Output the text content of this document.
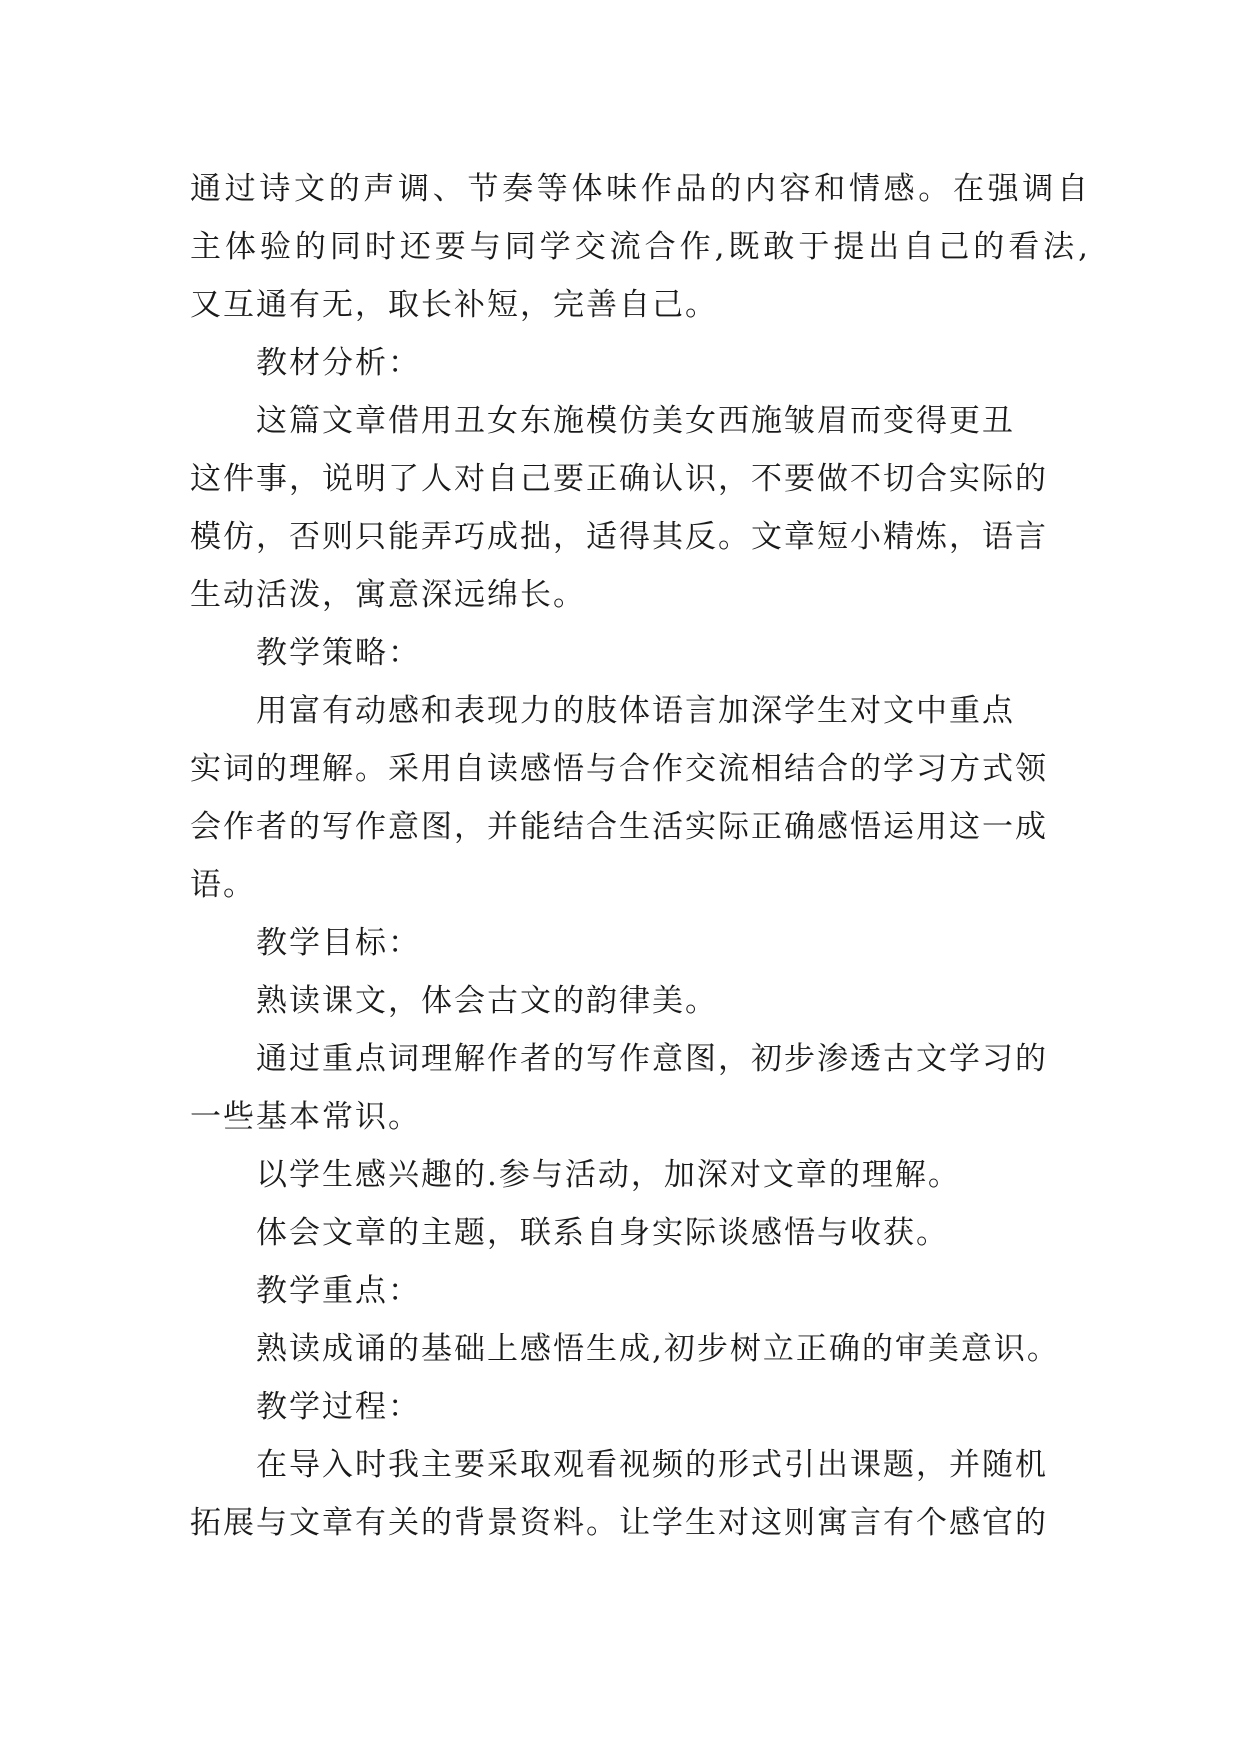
通过诗文的声调、节奏等体味作品的内容和情感。在强调自
主体验的同时还要与同学交流合作,既敢于提出自己的看法,
又互通有无，取长补短，完善自己。
教材分析：
这篇文章借用丑女东施模仿美女西施皱眉而变得更丑
这件事，说明了人对自己要正确认识，不要做不切合实际的
模仿，否则只能弄巧成拙，适得其反。文章短小精炼，语言
生动活泼，寓意深远绵长。
教学策略：
用富有动感和表现力的肢体语言加深学生对文中重点
实词的理解。采用自读感悟与合作交流相结合的学习方式领
会作者的写作意图，并能结合生活实际正确感悟运用这一成
语。
教学目标：
熟读课文，体会古文的韵律美。
通过重点词理解作者的写作意图，初步渗透古文学习的
一些基本常识。
以学生感兴趣的.参与活动，加深对文章的理解。
体会文章的主题，联系自身实际谈感悟与收获。
教学重点：
熟读成诵的基础上感悟生成,初步树立正确的审美意识。
教学过程：
在导入时我主要采取观看视频的形式引出课题，并随机
拓展与文章有关的背景资料。让学生对这则寓言有个感官的
